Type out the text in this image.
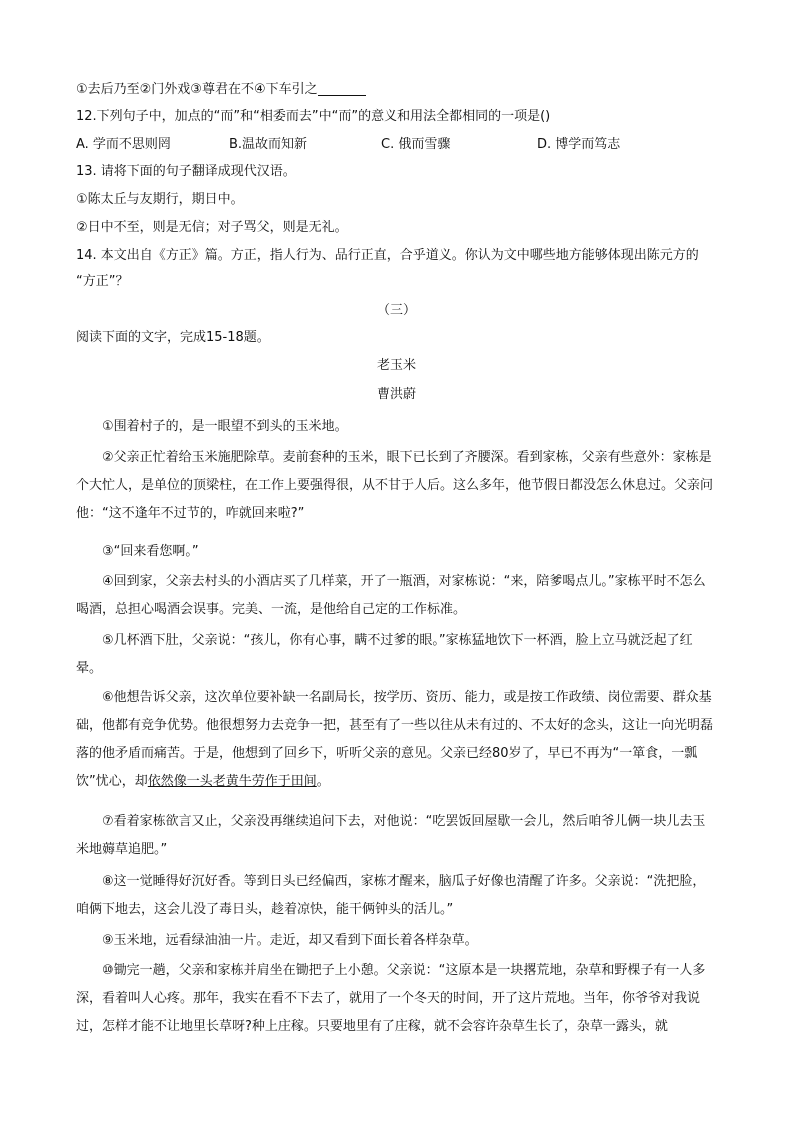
①去后乃至②门外戏③尊君在不④下车引之
12.下列句子中，加点的“而”和“相委而去”中“而”的意义和用法全都相同的一项是()
A. 学而不思则罔	B.温故而知新	C. 俄而雪骤	D. 博学而笃志
13. 请将下面的句子翻译成现代汉语。
①陈太丘与友期行，期日中。
②日中不至，则是无信；对子骂父，则是无礼。
14. 本文出自《方正》篇。方正，指人行为、品行正直，合乎道义。你认为文中哪些地方能够体现出陈元方的
“方正”？
（三）
阅读下面的文字，完成15-18题。
老玉米
曹洪蔚
①围着村子的，是一眼望不到头的玉米地。
②父亲正忙着给玉米施肥除草。麦前套种的玉米，眼下已长到了齐腰深。看到家栋，父亲有些意外：家栋是个大忙人，是单位的顶梁柱，在工作上要强得很，从不甘于人后。这么多年，他节假日都没怎么休息过。父亲问他：“这不逢年不过节的，咋就回来啦?”
③“回来看您啊。”
④回到家，父亲去村头的小酒店买了几样菜，开了一瓶酒，对家栋说：“来，陪爹喝点儿。”家栋平时不怎么喝酒，总担心喝酒会误事。完美、一流，是他给自己定的工作标准。
⑤几杯酒下肚，父亲说：“孩儿，你有心事，瞒不过爹的眼。”家栋猛地饮下一杯酒，脸上立马就泛起了红晕。
⑥他想告诉父亲，这次单位要补缺一名副局长，按学历、资历、能力，或是按工作政绩、岗位需要、群众基础，他都有竞争优势。他很想努力去竞争一把，甚至有了一些以往从未有过的、不太好的念头，这让一向光明磊落的他矛盾而痛苦。于是，他想到了回乡下，听听父亲的意见。父亲已经80岁了，早已不再为“一箪食，一瓢饮”忧心，却依然像一头老黄牛劳作于田间。
⑦看着家栋欲言又止，父亲没再继续追问下去，对他说：“吃罢饭回屋歇一会儿，然后咱爷儿俩一块儿去玉米地薅草追肥。”
⑧这一觉睡得好沉好香。等到日头已经偏西，家栋才醒来，脑瓜子好像也清醒了许多。父亲说：“洗把脸，咱俩下地去，这会儿没了毒日头，趁着凉快，能干俩钟头的活儿。”
⑨玉米地，远看绿油油一片。走近，却又看到下面长着各样杂草。
⑩锄完一趟，父亲和家栋并肩坐在锄把子上小憩。父亲说：“这原本是一块撂荒地，杂草和野棵子有一人多深，看着叫人心疼。那年，我实在看不下去了，就用了一个冬天的时间，开了这片荒地。当年，你爷爷对我说过，怎样才能不让地里长草呀?种上庄稼。只要地里有了庄稼，就不会容许杂草生长了，杂草一露头，就
